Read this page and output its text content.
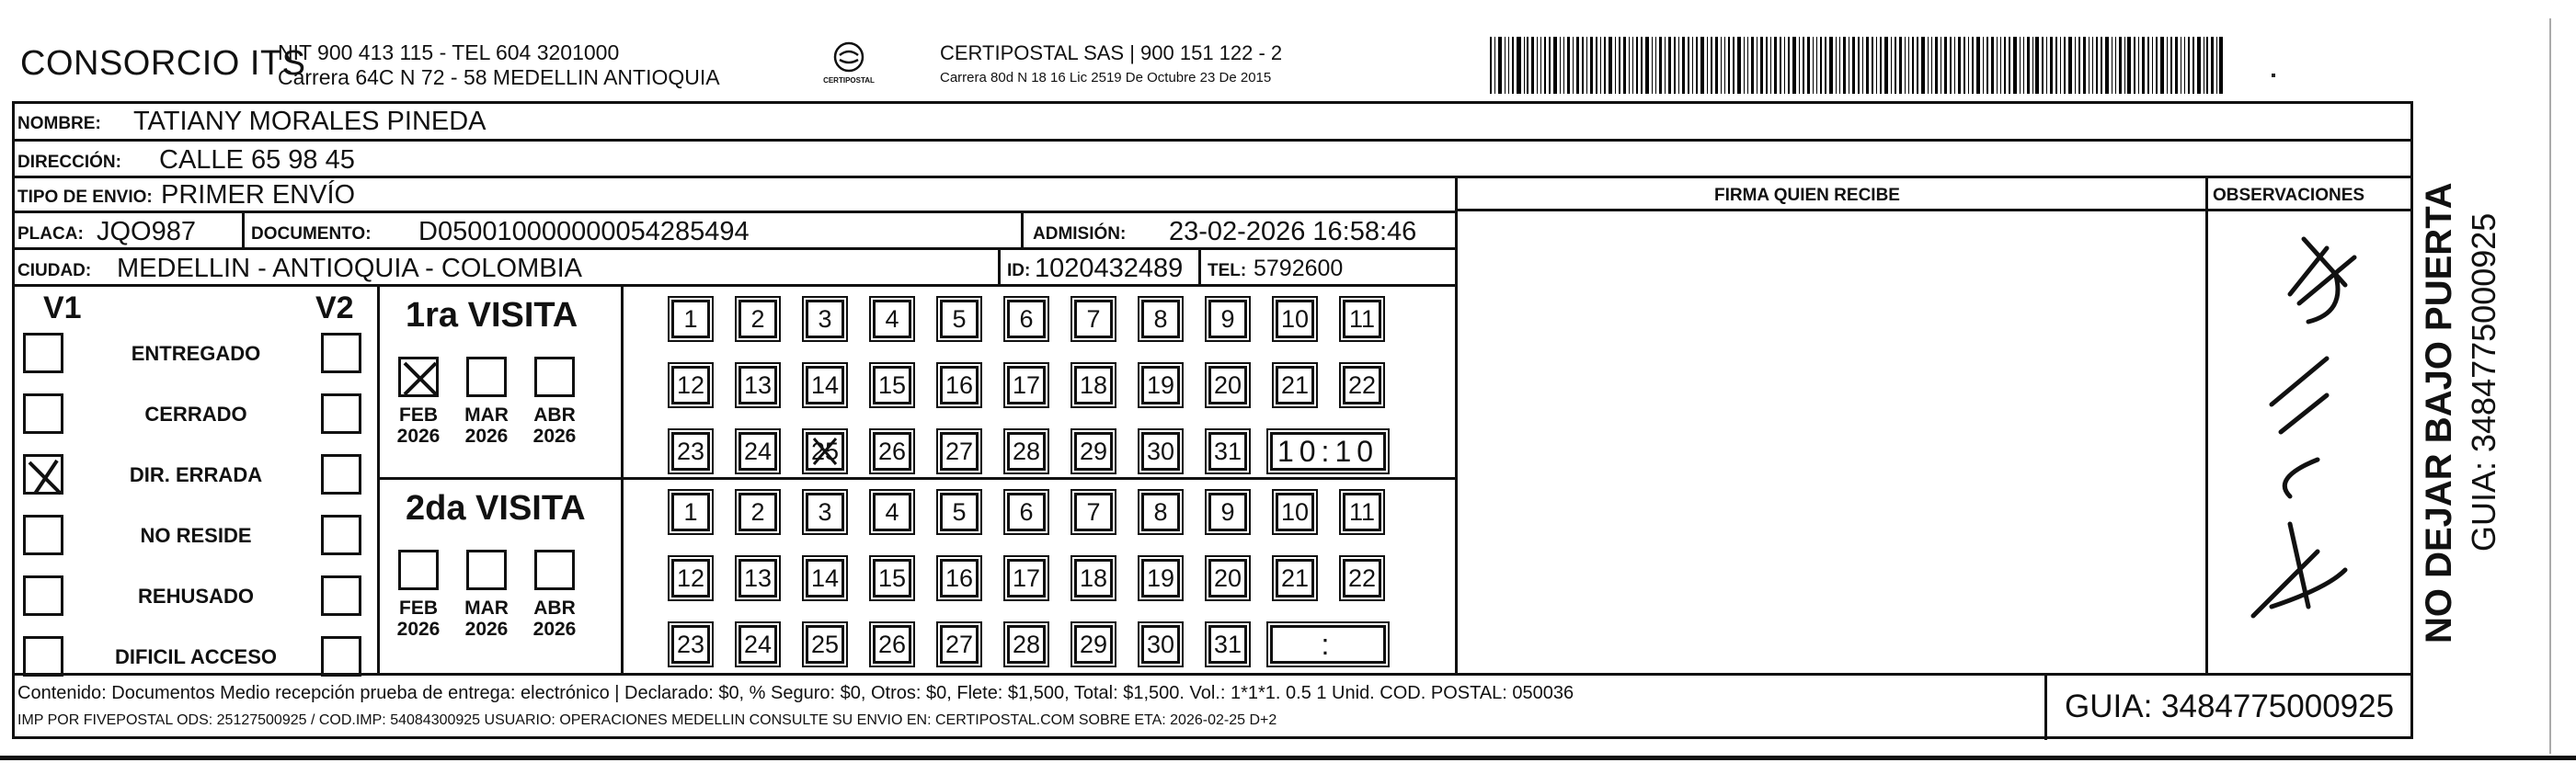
CONSORCIO ITS
NIT 900 413 115 - TEL 604 3201000
Carrera 64C N 72 - 58 MEDELLIN ANTIOQUIA	CERTIPOSTAL
CERTIPOSTAL SAS | 900 151 122 - 2
Carrera 80d N 18 16 Lic 2519 De Octubre 23 De 2015
NOMBRE: TATIANY MORALES PINEDA
DIRECCIÓN: CALLE 65 98 45
FIRMA QUIEN RECIBE	OBSERVACIONES
TIPO DE ENVIO: PRIMER ENVÍO
PLACA: JQO987	DOCUMENTO: D050010000000054285494	ADMISIÓN: 23-02-2026 16:58:46
CIUDAD: MEDELLIN - ANTIOQUIA - COLOMBIA	ID: 1020432489 TEL: 5792600
V1	V2
ENTREGADO
CERRADO
DIR. ERRADA
NO RESIDE
REHUSADO
DIFICIL ACCESO
1ra VISITA
FEB
2026
MAR
2026
ABR
2026
1	2	3	4	5	6	7	8	9	10 11
12 13 14 15 16 17 18 19 20 21 22
23 24 25 26 27 28 29 30 31 10:10
2da VISITA
FEB
2026
MAR
2026
ABR
2026
1	2	3	4	5	6	7	8	9	10 11
12 13 14 15 16 17 18 19 20 21 22
23 24 25 26 27 28 29 30 31	:
Contenido: Documentos Medio recepción prueba de entrega: electrónico | Declarado: $0, % Seguro: $0, Otros: $0, Flete: $1,500, Total: $1,500. Vol.: 1*1*1. 0.5 1 Unid. COD. POSTAL: 050036
IMP POR FIVEPOSTAL ODS: 25127500925 / COD.IMP: 54084300925 USUARIO: OPERACIONES MEDELLIN CONSULTE SU ENVIO EN: CERTIPOSTAL.COM SOBRE ETA: 2026-02-25 D+2	GUIA: 3484775000925
NO DEJAR BAJO PUERTA GUIA: 3484775000925
